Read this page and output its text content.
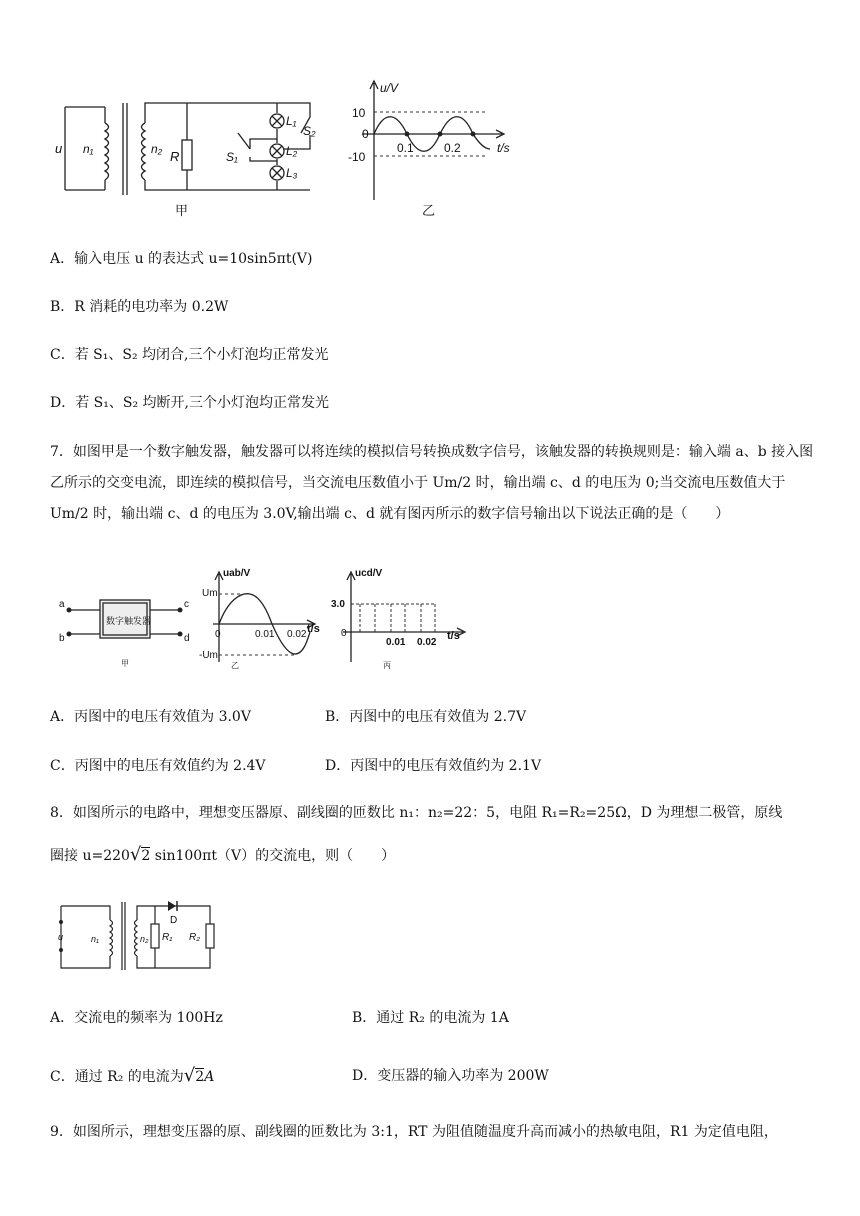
u n₁	n₂ R	S₁
S₂
L₁
L₂
L₃
甲
u/V
10
0
-10
0.1	0.2	t/s
乙
A．输入电压 u 的表达式 u=10sin5πt(V)
B．R 消耗的电功率为 0.2W
C．若 S₁、S₂ 均闭合,三个小灯泡均正常发光
D．若 S₁、S₂ 均断开,三个小灯泡均正常发光
7．如图甲是一个数字触发器，触发器可以将连续的模拟信号转换成数字信号，该触发器的转换规则是：输入端 a、b 接入图乙所示的交变电流，即连续的模拟信号，当交流电压数值小于 Um/2 时，输出端 c、d 的电压为 0;当交流电压数值大于 Um/2 时，输出端 c、d 的电压为 3.0V,输出端 c、d 就有图丙所示的数字信号输出以下说法正确的是（　　）
数字触发器
a
b
c
d
甲
uab/V
Um
-Um
0	0.01 0.02 t/s
乙
ucd/V
3.0
0
0.01 0.02
t/s
丙
A．丙图中的电压有效值为 3.0V	B．丙图中的电压有效值为 2.7V
C．丙图中的电压有效值约为 2.4V	D．丙图中的电压有效值约为 2.1V
8．如图所示的电路中，理想变压器原、副线圈的匝数比 n₁：n₂=22：5，电阻 R₁=R₂=25Ω，D 为理想二极管，原线
圈接 u=220√2 sin100πt（V）的交流电，则（　　）
u	n₁	n₂
D
R₁ R₂
A．交流电的频率为 100Hz	B．通过 R₂ 的电流为 1A
C．通过 R₂ 的电流为√2A	D．变压器的输入功率为 200W
9．如图所示，理想变压器的原、副线圈的匝数比为 3:1，RT 为阻值随温度升高而减小的热敏电阻，R1 为定值电阻，
